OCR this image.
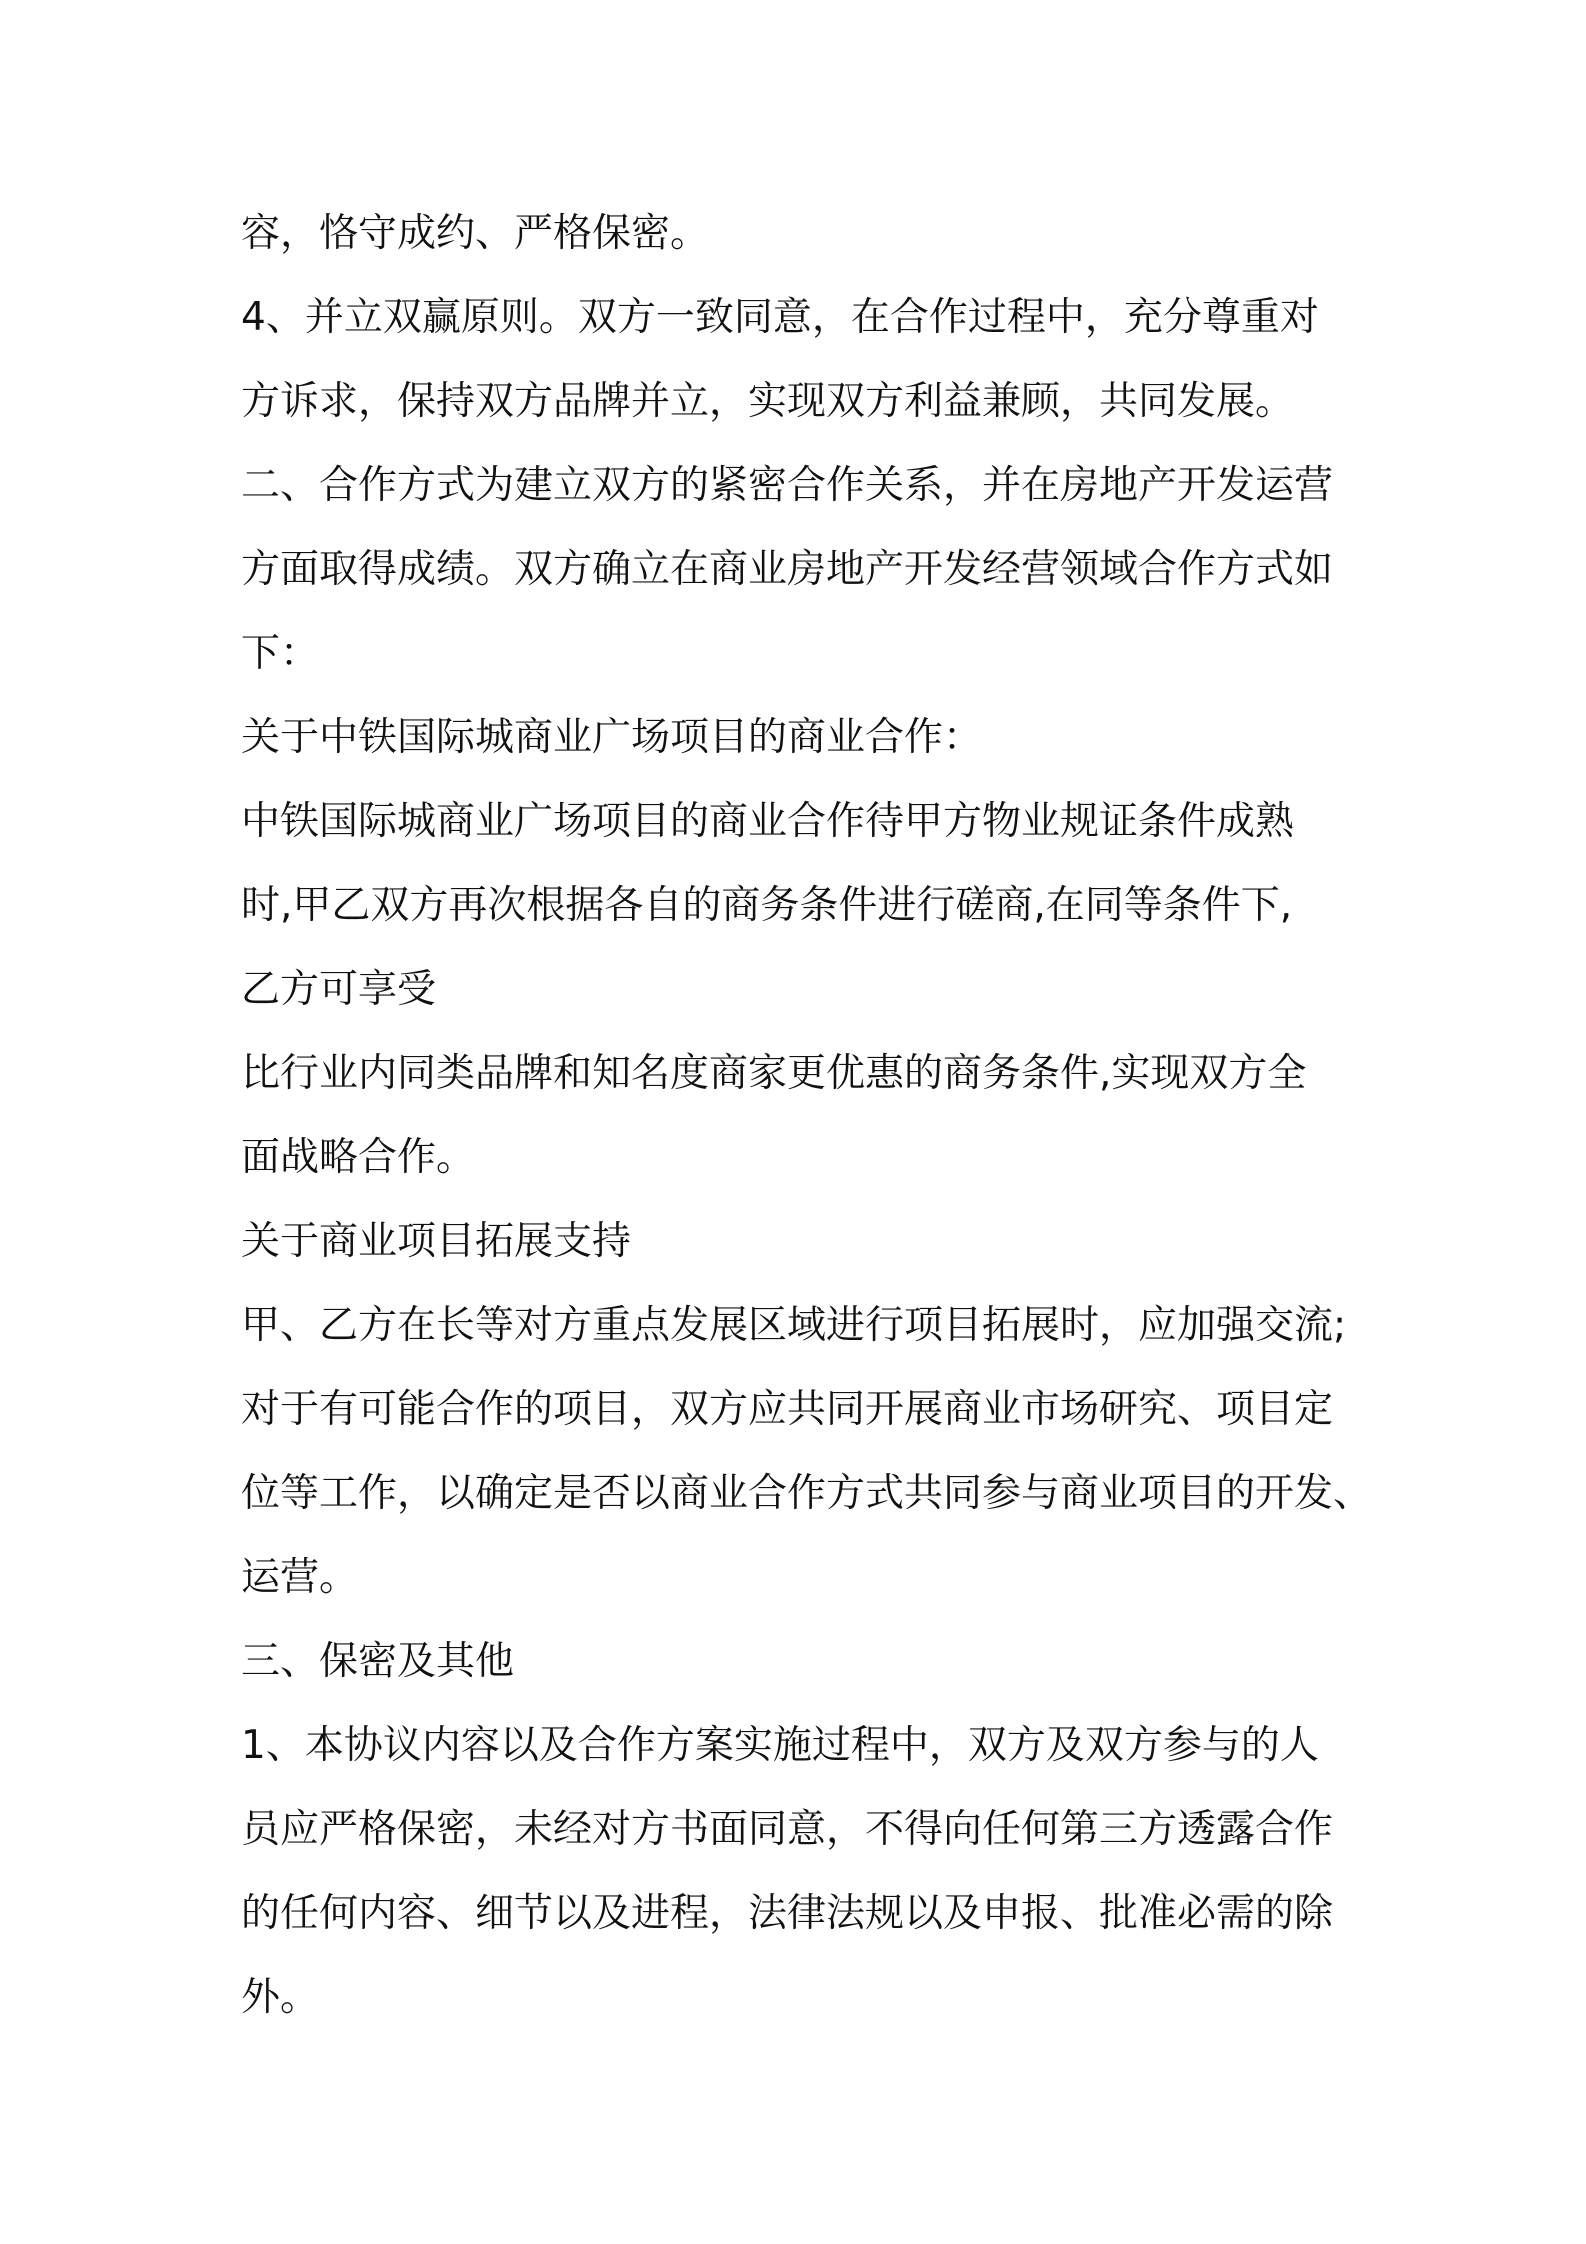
容，恪守成约、严格保密。

4、并立双赢原则。双方一致同意，在合作过程中，充分尊重对

方诉求，保持双方品牌并立，实现双方利益兼顾，共同发展。

二、合作方式为建立双方的紧密合作关系，并在房地产开发运营

方面取得成绩。双方确立在商业房地产开发经营领域合作方式如

下：

关于中铁国际城商业广场项目的商业合作：

中铁国际城商业广场项目的商业合作待甲方物业规证条件成熟

时,甲乙双方再次根据各自的商务条件进行磋商,在同等条件下,

乙方可享受

比行业内同类品牌和知名度商家更优惠的商务条件,实现双方全

面战略合作。

关于商业项目拓展支持

甲、乙方在长等对方重点发展区域进行项目拓展时，应加强交流;

对于有可能合作的项目，双方应共同开展商业市场研究、项目定

位等工作，以确定是否以商业合作方式共同参与商业项目的开发、

运营。

三、保密及其他

1、本协议内容以及合作方案实施过程中，双方及双方参与的人

员应严格保密，未经对方书面同意，不得向任何第三方透露合作

的任何内容、细节以及进程，法律法规以及申报、批准必需的除

外。
